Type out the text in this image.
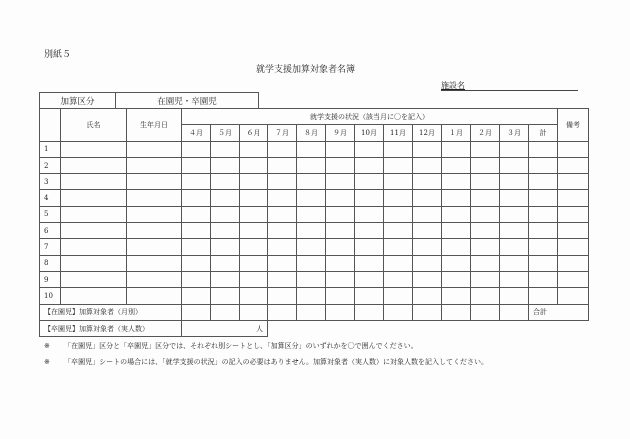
別紙５
就学支援加算対象者名簿
施設名
加算区分	在園児・卒園児
	氏名	生年月日	就学支援の状況（該当月に〇を記入）													備考
			４月	５月	６月	７月	８月	９月	10月	11月	12月	１月	２月	３月	計	
1																
2																
3																
4																
5																
6																
7																
8																
9																
10																
【在園児】加算対象者（月別）															合計	
【卒園児】加算対象者（実人数）			人													
※ 「在園児」区分と「卒園児」区分では、それぞれ別シートとし、「加算区分」のいずれかを〇で囲んでください。
※ 「卒園児」シートの場合には、「就学支援の状況」の記入の必要はありません。加算対象者（実人数）に対象人数を記入してください。
